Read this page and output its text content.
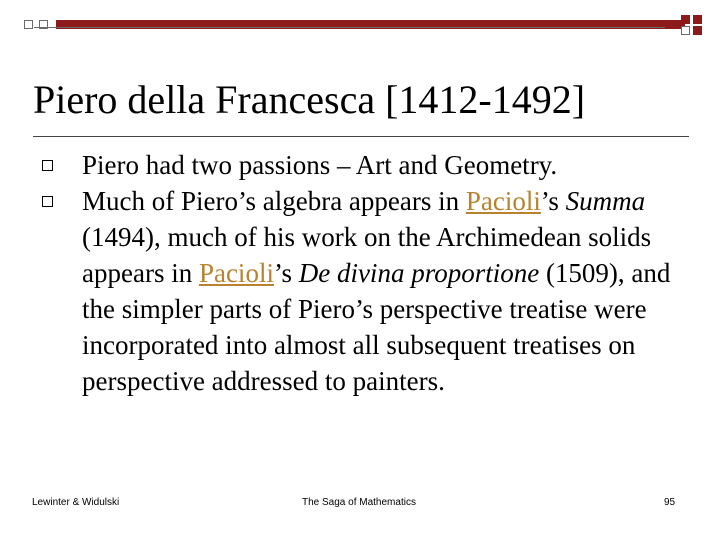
Piero della Francesca [1412-1492]
Piero had two passions – Art and Geometry.
Much of Piero’s algebra appears in Pacioli’s Summa (1494), much of his work on the Archimedean solids appears in Pacioli’s De divina proportione (1509), and the simpler parts of Piero’s perspective treatise were incorporated into almost all subsequent treatises on perspective addressed to painters.
Lewinter & Widulski	The Saga of Mathematics	95
